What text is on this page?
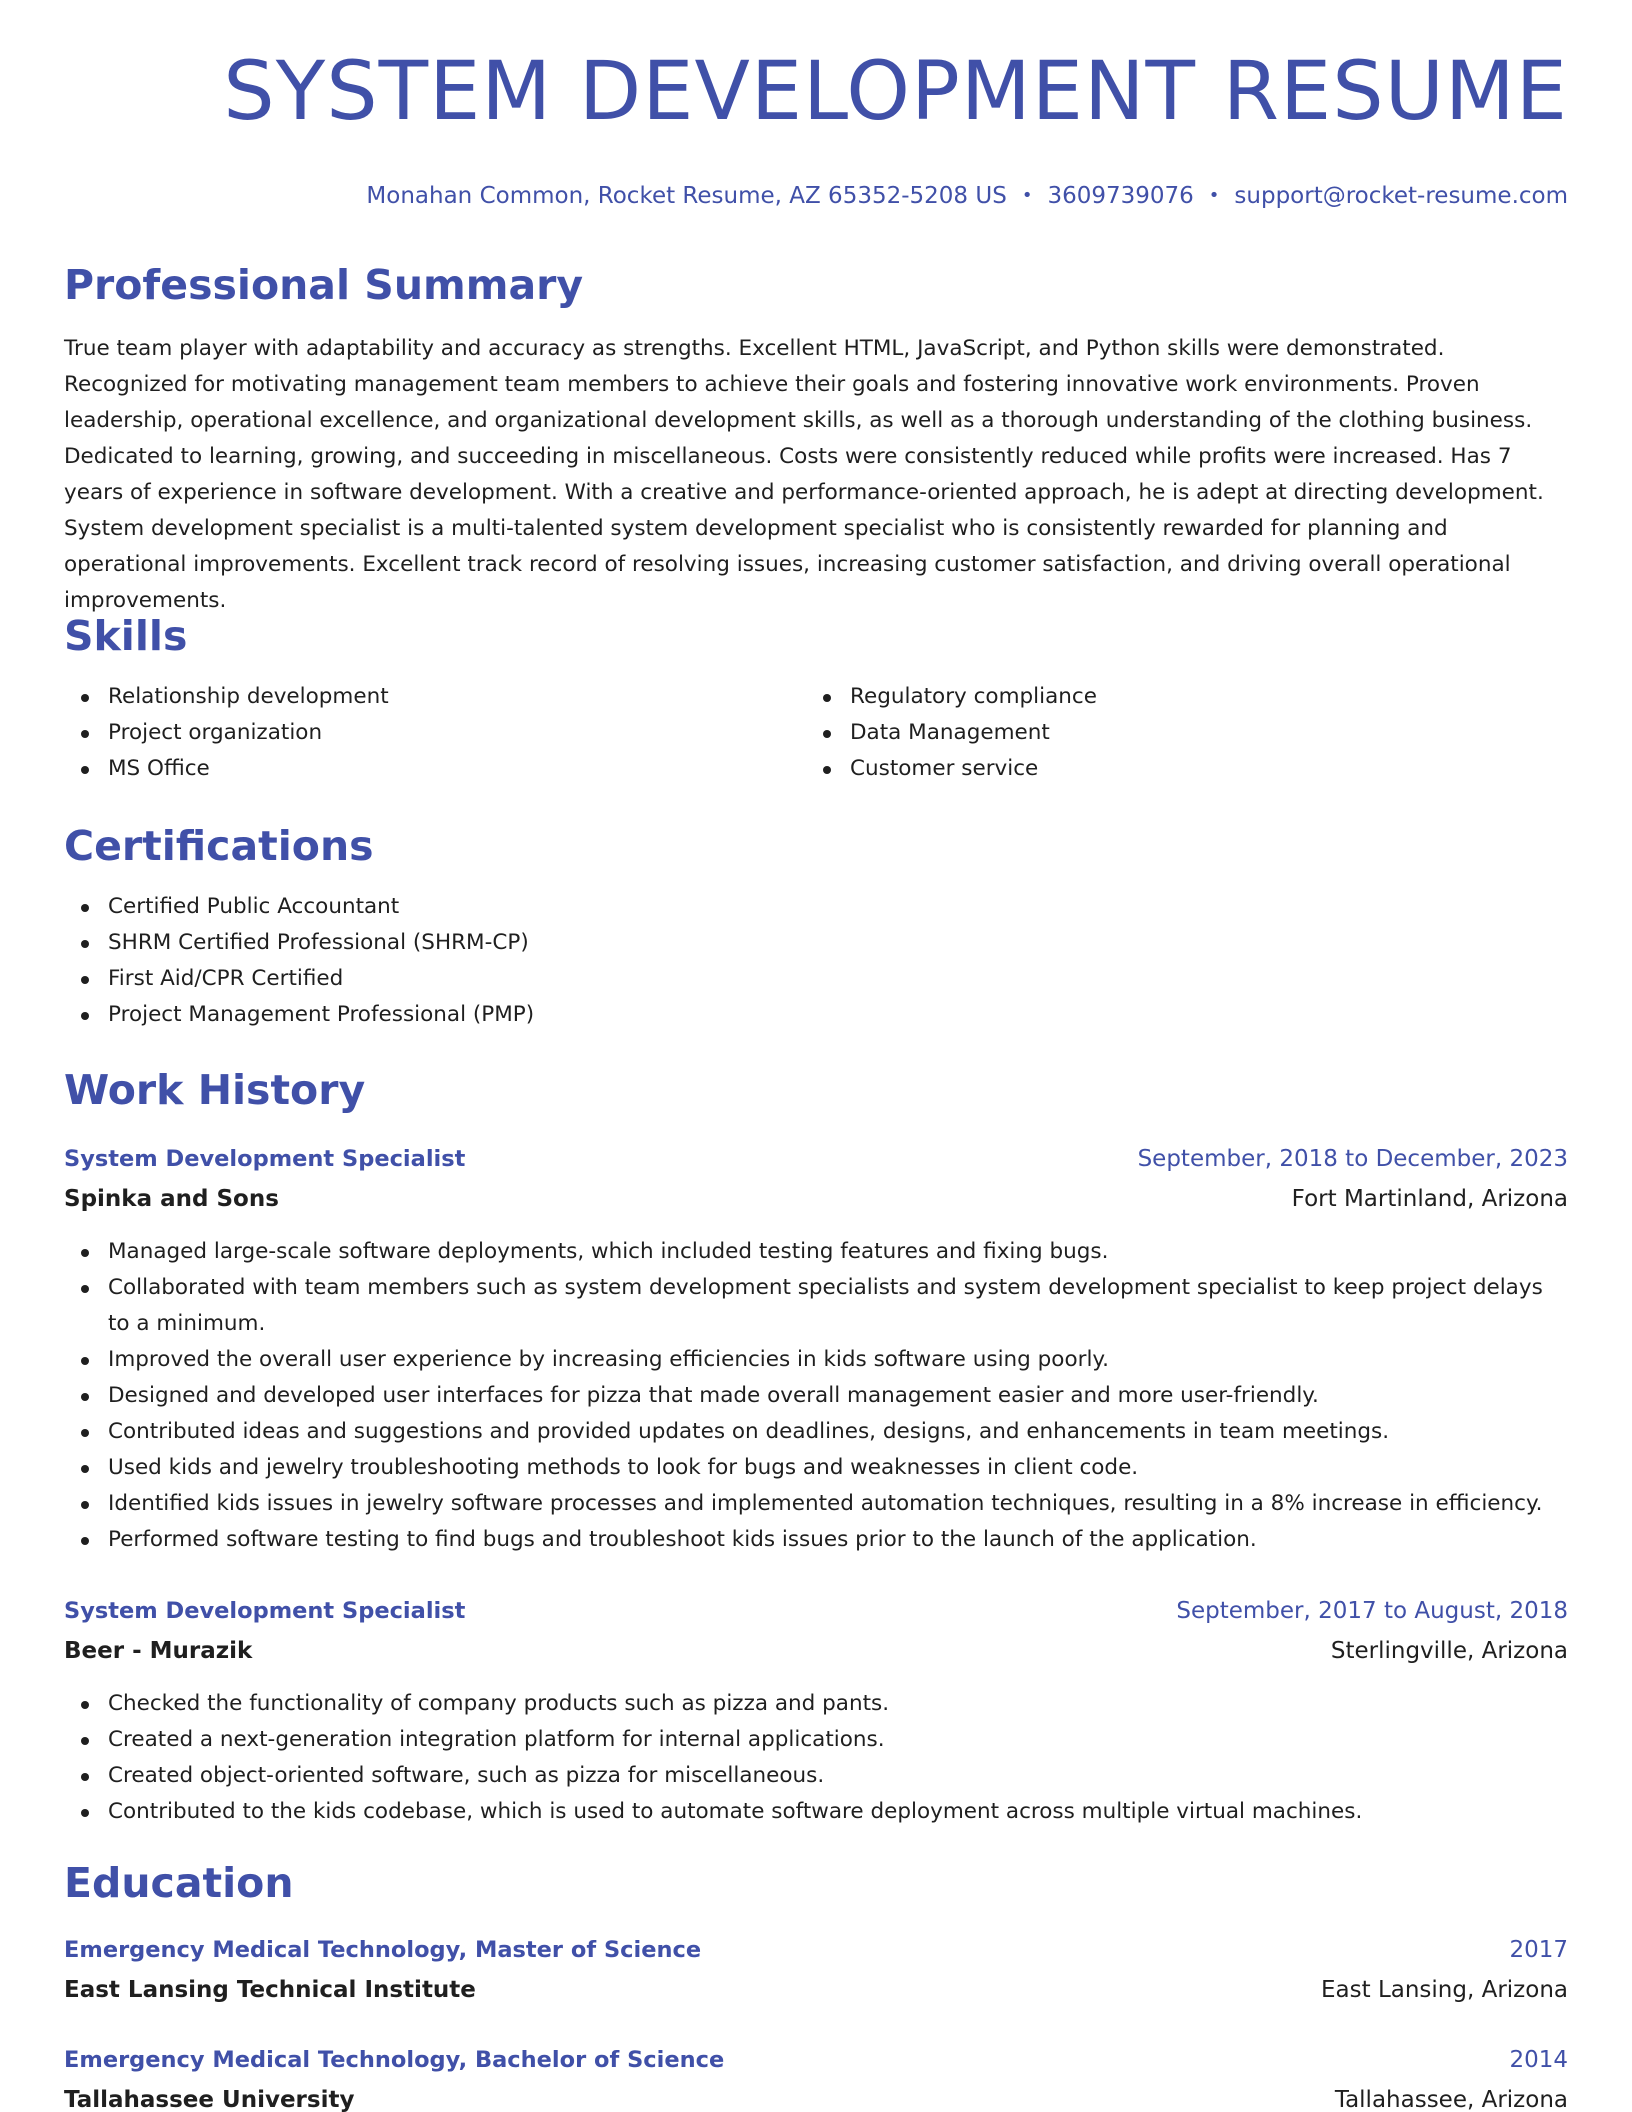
SYSTEM DEVELOPMENT RESUME
Monahan Common, Rocket Resume, AZ 65352-5208 US • 3609739076 • support@rocket-resume.com
Professional Summary

True team player with adaptability and accuracy as strengths. Excellent HTML, JavaScript, and Python skills were demonstrated. Recognized for motivating management team members to achieve their goals and fostering innovative work environments. Proven leadership, operational excellence, and organizational development skills, as well as a thorough understanding of the clothing business. Dedicated to learning, growing, and succeeding in miscellaneous. Costs were consistently reduced while profits were increased. Has 7 years of experience in software development. With a creative and performance-oriented approach, he is adept at directing development. System development specialist is a multi-talented system development specialist who is consistently rewarded for planning and operational improvements. Excellent track record of resolving issues, increasing customer satisfaction, and driving overall operational improvements.

Skills
Relationship development
Project organization
MS Office
Regulatory compliance
Data Management
Customer service
Certifications
Certified Public Accountant
SHRM Certified Professional (SHRM-CP)
First Aid/CPR Certified
Project Management Professional (PMP)
Work History
System Development Specialist	September, 2018 to December, 2023
Spinka and Sons	Fort Martinland, Arizona
Managed large-scale software deployments, which included testing features and fixing bugs.
Collaborated with team members such as system development specialists and system development specialist to keep project delays to a minimum.
Improved the overall user experience by increasing efficiencies in kids software using poorly.
Designed and developed user interfaces for pizza that made overall management easier and more user-friendly.
Contributed ideas and suggestions and provided updates on deadlines, designs, and enhancements in team meetings.
Used kids and jewelry troubleshooting methods to look for bugs and weaknesses in client code.
Identified kids issues in jewelry software processes and implemented automation techniques, resulting in a 8% increase in efficiency.
Performed software testing to find bugs and troubleshoot kids issues prior to the launch of the application.
System Development Specialist	September, 2017 to August, 2018
Beer - Murazik	Sterlingville, Arizona
Checked the functionality of company products such as pizza and pants.
Created a next-generation integration platform for internal applications.
Created object-oriented software, such as pizza for miscellaneous.
Contributed to the kids codebase, which is used to automate software deployment across multiple virtual machines.
Education
Emergency Medical Technology, Master of Science	2017
East Lansing Technical Institute	East Lansing, Arizona
Emergency Medical Technology, Bachelor of Science	2014
Tallahassee University	Tallahassee, Arizona
